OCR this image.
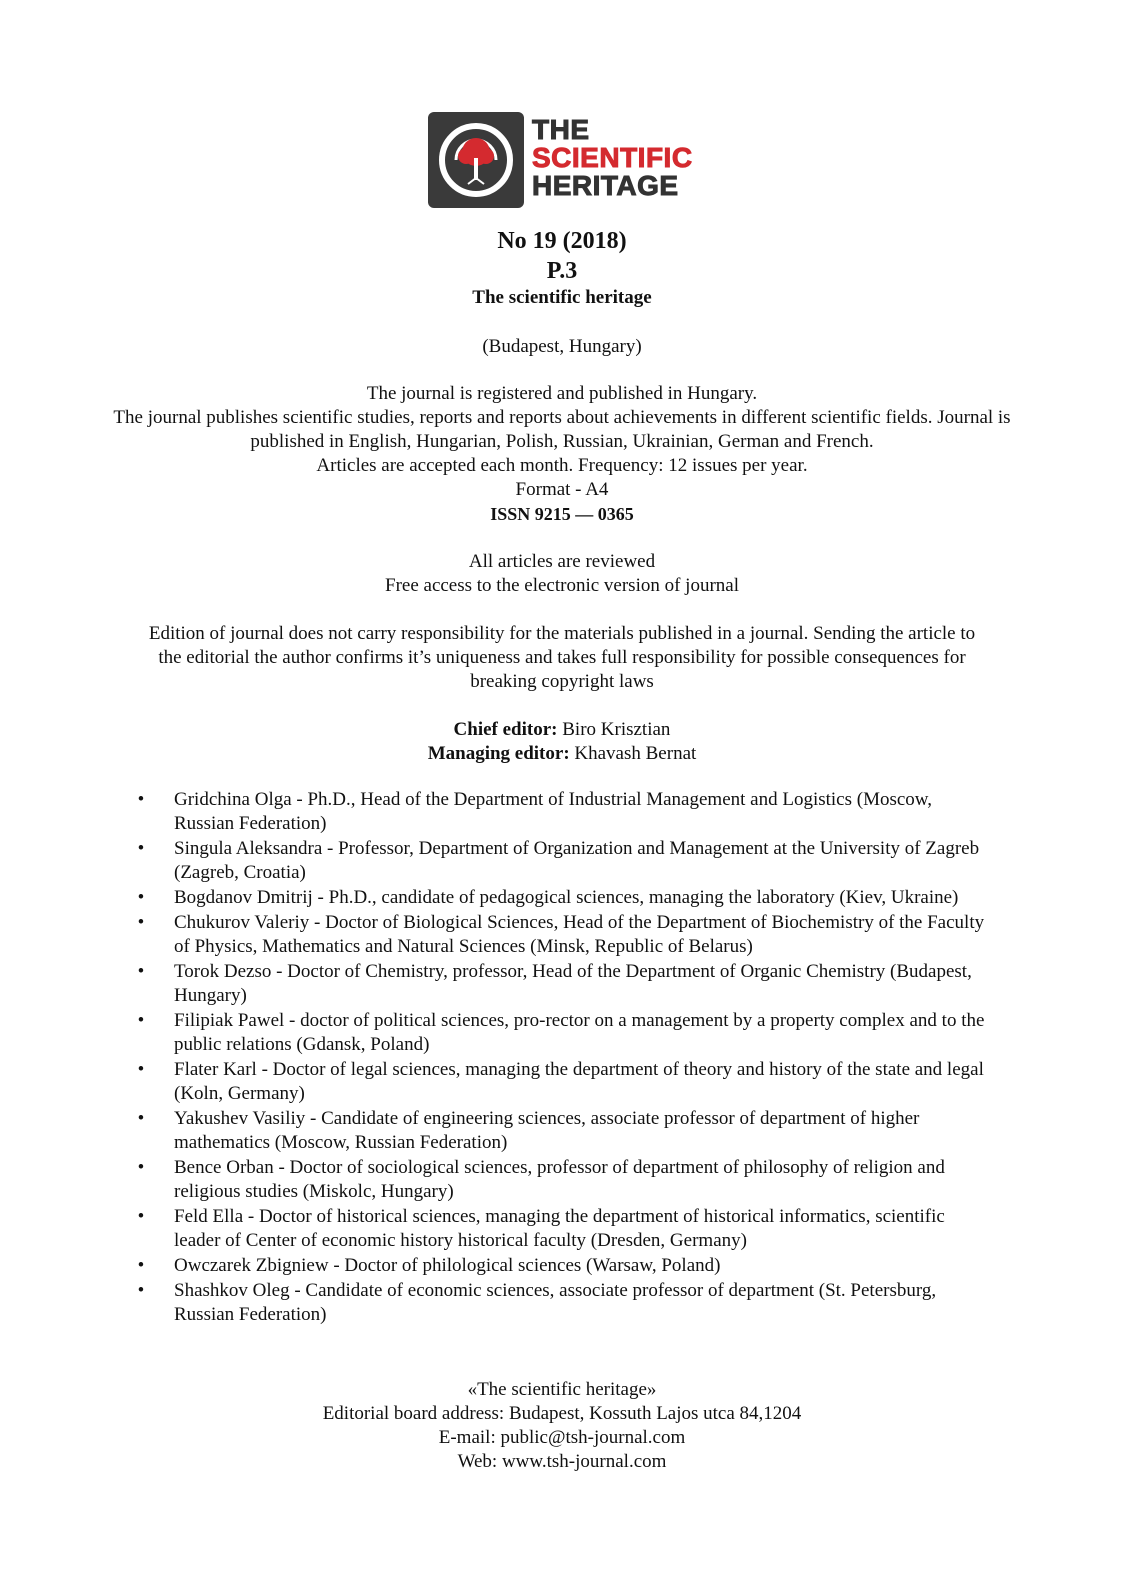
THE
SCIENTIFIC
HERITAGE
No 19 (2018)
P.3
The scientific heritage
(Budapest, Hungary)
The journal is registered and published in Hungary.
The journal publishes scientific studies, reports and reports about achievements in different scientific fields. Journal is published in English, Hungarian, Polish, Russian, Ukrainian, German and French.
Articles are accepted each month. Frequency: 12 issues per year.
Format - A4
ISSN 9215 — 0365
All articles are reviewed
Free access to the electronic version of journal
Edition of journal does not carry responsibility for the materials published in a journal. Sending the article to the editorial the author confirms it’s uniqueness and takes full responsibility for possible consequences for breaking copyright laws
Chief editor: Biro Krisztian
Managing editor: Khavash Bernat
• Gridchina Olga - Ph.D., Head of the Department of Industrial Management and Logistics (Moscow, Russian Federation)
• Singula Aleksandra - Professor, Department of Organization and Management at the University of Zagreb (Zagreb, Croatia)
• Bogdanov Dmitrij - Ph.D., candidate of pedagogical sciences, managing the laboratory (Kiev, Ukraine)
• Chukurov Valeriy - Doctor of Biological Sciences, Head of the Department of Biochemistry of the Faculty of Physics, Mathematics and Natural Sciences (Minsk, Republic of Belarus)
• Torok Dezso - Doctor of Chemistry, professor, Head of the Department of Organic Chemistry (Budapest, Hungary)
• Filipiak Pawel - doctor of political sciences, pro-rector on a management by a property complex and to the public relations (Gdansk, Poland)
• Flater Karl - Doctor of legal sciences, managing the department of theory and history of the state and legal (Koln, Germany)
• Yakushev Vasiliy - Candidate of engineering sciences, associate professor of department of higher mathematics (Moscow, Russian Federation)
• Bence Orban - Doctor of sociological sciences, professor of department of philosophy of religion and religious studies (Miskolc, Hungary)
• Feld Ella - Doctor of historical sciences, managing the department of historical informatics, scientific leader of Center of economic history historical faculty (Dresden, Germany)
• Owczarek Zbigniew - Doctor of philological sciences (Warsaw, Poland)
• Shashkov Oleg - Candidate of economic sciences, associate professor of department (St. Petersburg, Russian Federation)
«The scientific heritage»
Editorial board address: Budapest, Kossuth Lajos utca 84,1204
E-mail: public@tsh-journal.com
Web: www.tsh-journal.com
